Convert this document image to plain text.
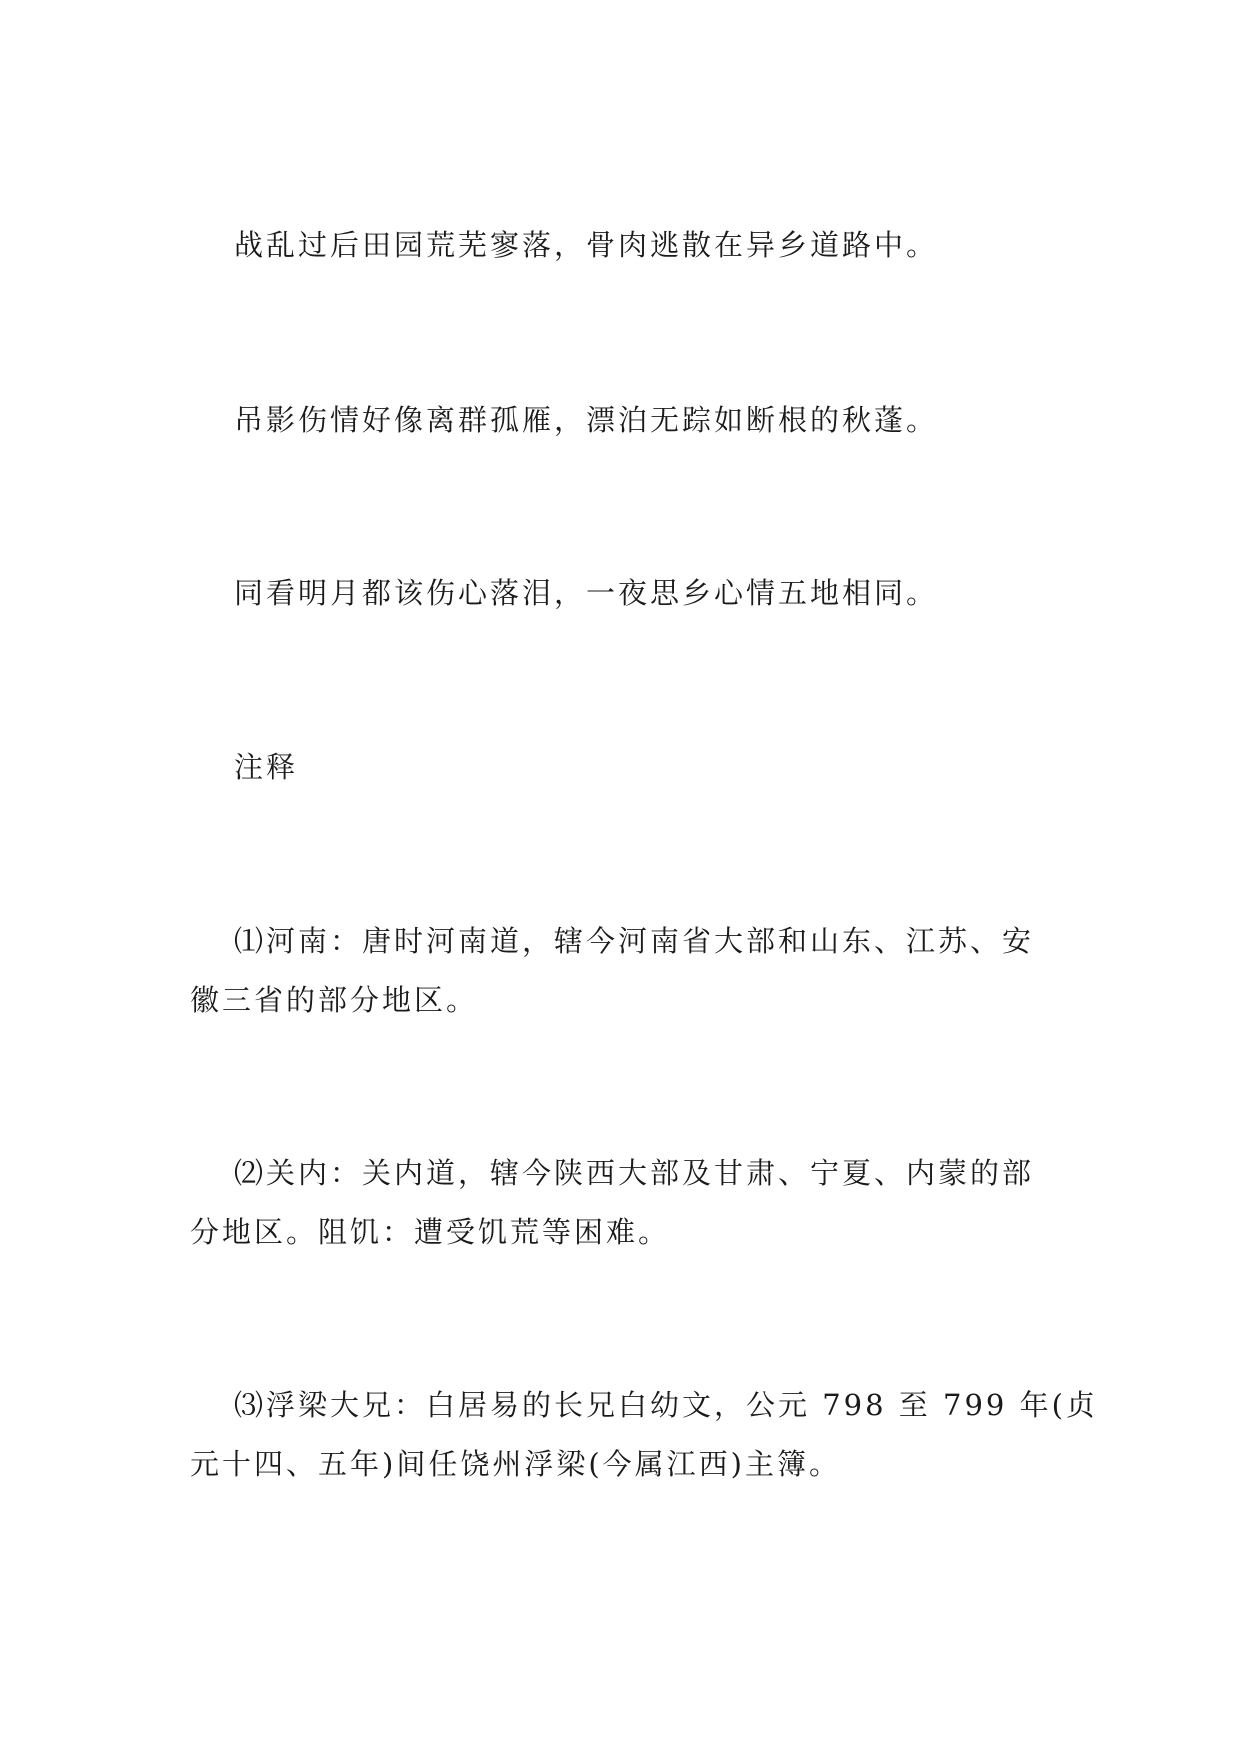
战乱过后田园荒芜寥落，骨肉逃散在异乡道路中。
吊影伤情好像离群孤雁，漂泊无踪如断根的秋蓬。
同看明月都该伤心落泪，一夜思乡心情五地相同。
注释
⑴河南：唐时河南道，辖今河南省大部和山东、江苏、安
徽三省的部分地区。
⑵关内：关内道，辖今陕西大部及甘肃、宁夏、内蒙的部
分地区。阻饥：遭受饥荒等困难。
⑶浮梁大兄：白居易的长兄白幼文，公元 798 至 799 年(贞
元十四、五年)间任饶州浮梁(今属江西)主簿。
